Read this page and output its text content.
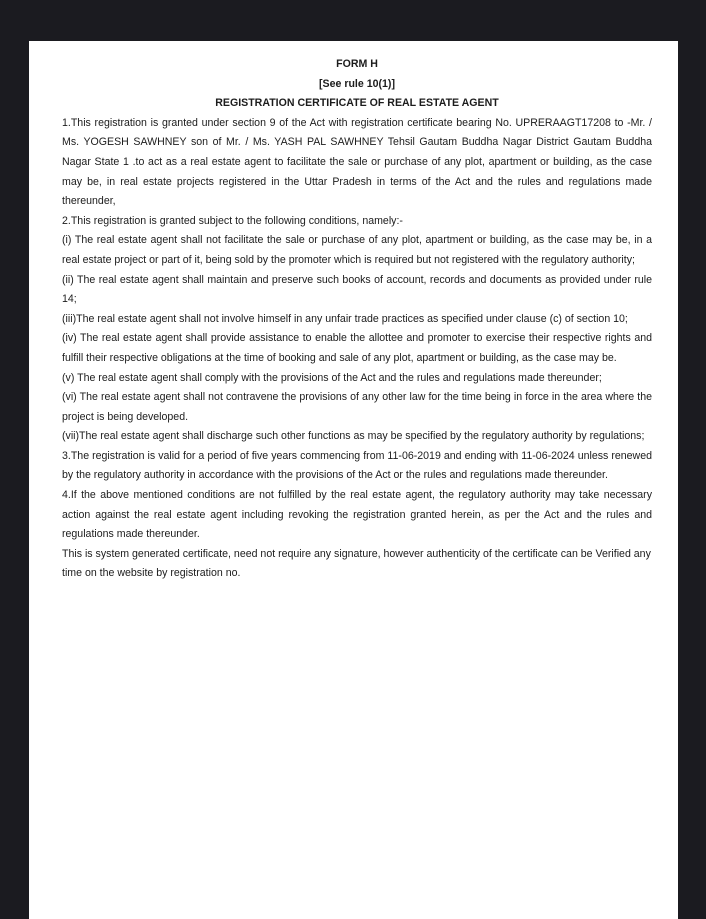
FORM H

[See rule 10(1)]

REGISTRATION CERTIFICATE OF REAL ESTATE AGENT

1.This registration is granted under section 9 of the Act with registration certificate bearing No. UPRERAAGT17208 to -Mr. / Ms. YOGESH SAWHNEY son of Mr. / Ms. YASH PAL SAWHNEY Tehsil Gautam Buddha Nagar District Gautam Buddha Nagar State 1 .to act as a real estate agent to facilitate the sale or purchase of any plot, apartment or building, as the case may be, in real estate projects registered in the Uttar Pradesh in terms of the Act and the rules and regulations made thereunder,

2.This registration is granted subject to the following conditions, namely:-

(i) The real estate agent shall not facilitate the sale or purchase of any plot, apartment or building, as the case may be, in a real estate project or part of it, being sold by the promoter which is required but not registered with the regulatory authority;

(ii) The real estate agent shall maintain and preserve such books of account, records and documents as provided under rule 14;

(iii)The real estate agent shall not involve himself in any unfair trade practices as specified under clause (c) of section 10;

(iv) The real estate agent shall provide assistance to enable the allottee and promoter to exercise their respective rights and fulfill their respective obligations at the time of booking and sale of any plot, apartment or building, as the case may be.

(v) The real estate agent shall comply with the provisions of the Act and the rules and regulations made thereunder;

(vi) The real estate agent shall not contravene the provisions of any other law for the time being in force in the area where the project is being developed.

(vii)The real estate agent shall discharge such other functions as may be specified by the regulatory authority by regulations;

3.The registration is valid for a period of five years commencing from 11-06-2019 and ending with 11-06-2024 unless renewed by the regulatory authority in accordance with the provisions of the Act or the rules and regulations made thereunder.

4.If the above mentioned conditions are not fulfilled by the real estate agent, the regulatory authority may take necessary action against the real estate agent including revoking the registration granted herein, as per the Act and the rules and regulations made thereunder.

This is system generated certificate, need not require any signature, however authenticity of the certificate can be Verified any time on the website by registration no.
